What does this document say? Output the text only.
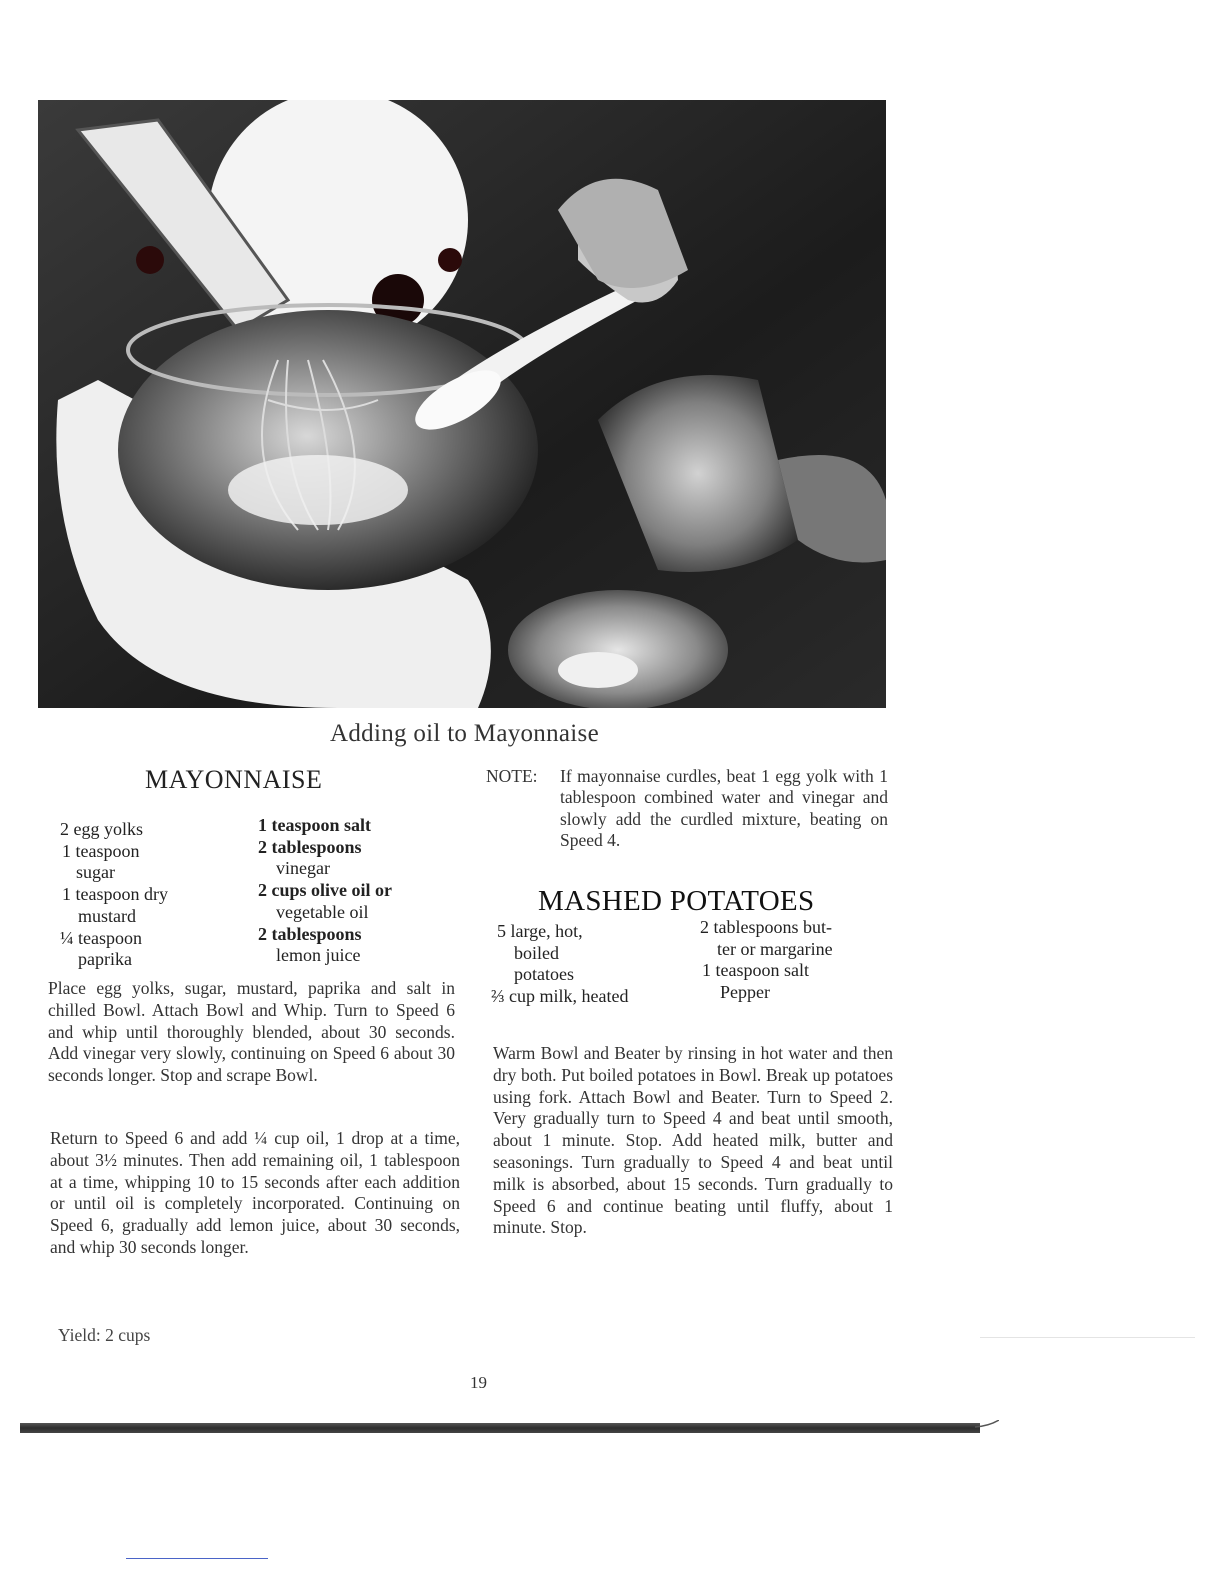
Adding oil to Mayonnaise
MAYONNAISE
2 egg yolks
1 teaspoon
sugar
1 teaspoon dry
mustard
¼ teaspoon
paprika
1 teaspoon salt
2 tablespoons
vinegar
2 cups olive oil or
vegetable oil
2 tablespoons
lemon juice
Place egg yolks, sugar, mustard, paprika and salt in chilled Bowl. Attach Bowl and Whip. Turn to Speed 6 and whip until thoroughly blended, about 30 seconds. Add vinegar very slowly, continuing on Speed 6 about 30 seconds longer. Stop and scrape Bowl.
Return to Speed 6 and add ¼ cup oil, 1 drop at a time, about 3½ minutes. Then add remaining oil, 1 tablespoon at a time, whipping 10 to 15 seconds after each addition or until oil is completely incorporated. Continuing on Speed 6, gradually add lemon juice, about 30 seconds, and whip 30 seconds longer.
Yield: 2 cups
NOTE: If mayonnaise curdles, beat 1 egg yolk with 1 tablespoon combined water and vinegar and slowly add the curdled mixture, beating on Speed 4.
MASHED POTATOES
5 large, hot,
boiled
potatoes
⅔ cup milk, heated
2 tablespoons but-
ter or margarine
1 teaspoon salt
Pepper
Warm Bowl and Beater by rinsing in hot water and then dry both. Put boiled potatoes in Bowl. Break up potatoes using fork. Attach Bowl and Beater. Turn to Speed 2. Very gradually turn to Speed 4 and beat until smooth, about 1 minute. Stop. Add heated milk, butter and seasonings. Turn gradually to Speed 4 and beat until milk is absorbed, about 15 seconds. Turn gradually to Speed 6 and continue beating until fluffy, about 1 minute. Stop.
19
